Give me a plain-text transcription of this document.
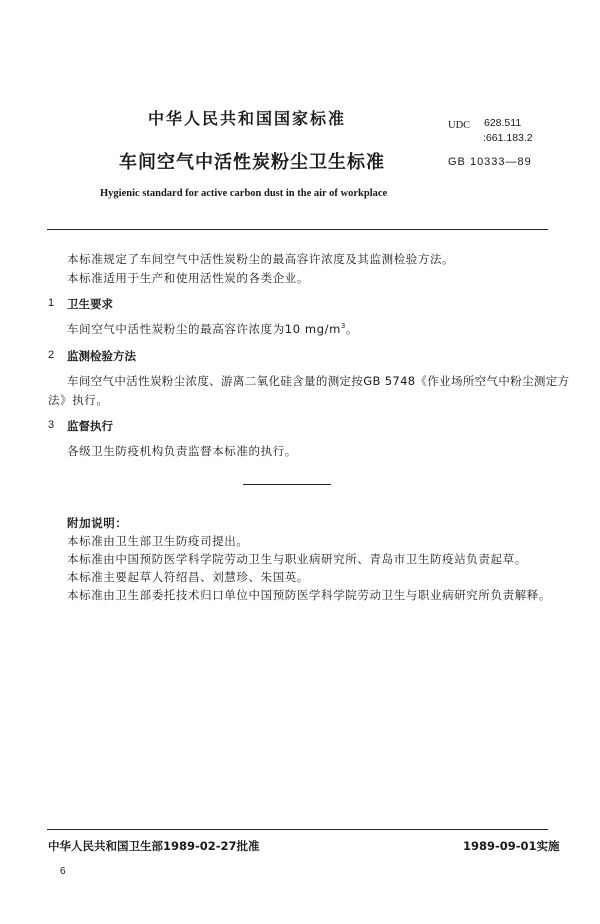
中华人民共和国国家标准	UDC 628.511
:661.183.2
车间空气中活性炭粉尘卫生标准	GB 10333—89
Hygienic standard for active carbon dust in the air of workplace
本标准规定了车间空气中活性炭粉尘的最高容许浓度及其监测检验方法。
本标准适用于生产和使用活性炭的各类企业。
1 卫生要求
车间空气中活性炭粉尘的最高容许浓度为10 $mg/m^3$。
2 监测检验方法
车间空气中活性炭粉尘浓度、游离二氧化硅含量的测定按GB 5748《作业场所空气中粉尘测定方
法》执行。
3 监督执行
各级卫生防疫机构负责监督本标准的执行。
附加说明：
本标准由卫生部卫生防疫司提出。
本标准由中国预防医学科学院劳动卫生与职业病研究所、青岛市卫生防疫站负责起草。
本标准主要起草人符绍昌、刘慧珍、朱国英。
本标准由卫生部委托技术归口单位中国预防医学科学院劳动卫生与职业病研究所负责解释。
中华人民共和国卫生部1989-02-27批准	1989-09-01实施
6
